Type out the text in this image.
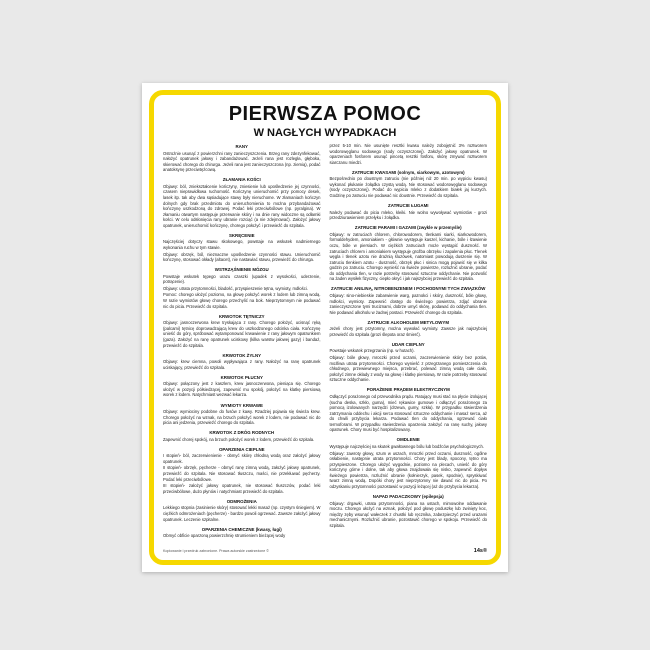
PIERWSZA POMOC
W NAGŁYCH WYPADKACH
RANY

Ostrożnie usunąć z powierzchni rany zanieczyszczenia. Brzeg rany zdezynfekować, nałożyć opatrunek jałowy i zabandażować. Jeżeli rana jest rozległa, głęboka, skierować chorego do chirurga. Jeżeli rana jest zanieczyszczona (np. ziemią), podać anatoksynę przeciwtężcową.

ZŁAMANIA KOŚCI

Objawy: ból, zniekształcenie kończyny, zniesienie lub upośledzenie jej czynności, czasem nieprawidłowa ruchomość. Kończynę unieruchomić przy pomocy desek, lasek itp. tak aby dwa sąsiadujące stawy były nieruchome. W złamaniach kończyn dolnych gdy brak przedmiotu do unieruchomienia to można przybandażować kończynę uszkodzoną do zdrowej. Podać leki przeciwbólowe (np. pyralgina). W złamaniu otwartym następuje przerwanie skóry i na dnie rany widoczne są odłamki kości. W celu odsłonięcia rany ubranie rozciąć (a nie zdejmować). Założyć jałowy opatrunek, unieruchomić kończynę, chorego położyć i przewieźć do szpitala.

SKRĘCENIE

Najczęściej dotyczy stawu skokowego, powstaje na wskutek nadmiernego wykonania ruchu w tym stawie.

Objawy: obrzęk, ból, nieznaczne upośledzenie czynności stawu. Unieruchomić kończynę, stosować okłady (altacet), nie nastawiać stawu, przewieźć do chirurga.

WSTRZĄŚNIENIE MÓZGU

Powstaje wskutek tępego urazu czaszki (upadek z wysokości, uderzenie, potrącenie).

Objawy: utrata przytomności, bladość, przyspieszenie tętna, wymioty, mdłości.

Pomoc: chorego ułożyć poziomo, na głowę położyć worek z lodem lub zimną wodą. W razie wymiotów głowę chorego przechylić na bok. Nieprzytomnym nie podawać nic do picia. Przewieźć do szpitala.

KRWOTOK TĘTNICZY

Objawy: jasnoczerwona krew tryskająca z rany. Chorego położyć, ucisnąć ręką (palcami) tętnicę doprowadzającą krew do uszkodzonego odcinka ciała. Kończynę unieść do góry, spróbować wytamponować krwawienie z rany jałowym opatrunkiem (gaza). Założyć na ranę opatrunek uciskowy (kilka warstw jałowej gazy) i bandaż, przewieźć do szpitala.

KRWOTOK ŻYLNY

Objawy: krew ciemna, powoli wypływająca z rany. Nałożyć na ranę opatrunek uciskający, przewieźć do szpitala.

KRWOTOK PŁUCNY

Objawy: połączony jest z kaszlem, krew jasnoczerwona, pieniąca się. Chorego ułożyć w pozycji półsiedzącej, zapewnić mu spokój, położyć na klatkę piersiową worek z lodem. Natychmiast wezwać lekarza.

WYMIOTY KRWAWE

Objawy: wymiociny podobne do fusów z kawy. Rzadziej pojawia się świeża krew. Chorego położyć na wznak, na brzuch położyć worek z lodem, nie podawać nic do picia ani jedzenia, przewieźć chorego do szpitala.

KRWOTOK Z DRÓG RODNYCH

Zapewnić chorej spokój, na brzuch położyć worek z lodem, przewieźć do szpitala.

OPARZENIA CIEPLNE

I stopień- ból, zaczerwienienie - obmyć skórę chłodną wodą oraz założyć jałowy opatrunek.

II stopień- obrzęk, pęcherze - obmyć ranę zimną wodą, założyć jałowy opatrunek, przewieźć do szpitala. Nie stosować tłuszczu, maści, nie przekłuwać pęcherzy. Podać leki przeciwbólowe.

III stopień- założyć jałowy opatrunek, nie stosować tłuszczów, podać leki przeciwbólowe, dużo płynów i natychmiast przewieźć do szpitala.

ODMROŻENIA

Lekkiego stopnia (zasinienie skóry) stosować lekki masaż (np. czystym śniegiem). W ciężkich odmrożeniach (pęcherze) - bardzo powoli ogrzewać. Zawsze założyć jałowy opatrunek. Leczenie szpitalne.

OPARZENIA CHEMICZNE (kwasy, ługi)

Obmyć obficie oparzoną powierzchnię strumieniem bieżącej wody

przez 5-10 min. Nie usunięte resztki kwasu należy zobojętnić 3% roztworem wodorowęglanu sodowego (sody oczyszczonej). Założyć jałowy opatrunek. W oparzeniach fosforem usunąć pincetą resztki fosforu, skórę zmywać roztworem siarczanu miedzi.

ZATRUCIE KWASAMI (solnym, siarkowym, azotowym)

Bezpośrednio po doustnym zatruciu (nie później niż 20 min. po wypiciu kwasu) wykonać płukanie żołądka czystą wodą. Nie stosować wodorowęglanu sodowego (sody oczyszczonej). Podać do wypicia mleko z dodatkiem białek jaj kurzych. Godzinę po zatruciu nie podawać nic doustnie. Przewieźć do szpitala.

ZATRUCIE ŁUGAMI

Należy podawać do picia mleko, kleiki. Nie wolno wywoływać wymiotów - grozi przedziurawieniem przełyku i żołądka.

ZATRUCIE PARAMI I GAZAMI (zwykle w przemyśle)

Objawy: w zatruciach chlorem, chlorowodorem, tlenkami siarki, siarkowodorem, formaldehydem, amoniakiem - głównie występuje kaszel, kichanie, bóle i łzawienie oczu, bóle w piersiach. W ciężkich zatruciach może wystąpić duszność. W zatruciach chlorem i amoniakiem występuje groźba obrzęku i zapalenia płuc. Tlenek węgla i tlenek azotu nie drażnią śluzówek, natomiast powodują duszenie się. W zatruciu tlenkiem azotu - duszność, obrzęk płuc i sinica mogą pojawić się w kilka godzin po zatruciu. Chorego wynieść na świeże powietrze, rozluźnić ubranie, podać do oddychania tlen, w razie potrzeby stosować sztuczne oddychanie. Nie pozwolić na żaden wysiłek fizyczny, ciepło okryć i jak najszybciej przewieźć do szpitala.

ZATRUCIE ANILINĄ, NITROBENZENEM I POCHODNYMI TYCH ZWIĄZKÓW

Objawy: sino-niebieskie zabarwienie warg, paznokci i skóry, duszność, bóle głowy, mdłości, wymioty. Zapewnić dostęp do świeżego powietrza, zdjąć ubranie zanieczyszczone tymi truciznami, dobrze umyć skórę, podawać do oddychania tlen. Nie podawać alkoholu w żadnej postaci. Przewieźć chorego do szpitala.

ZATRUCIE ALKOHOLEM METYLOWYM

Jeżeli chory jest przytomny, można wywołać wymioty. Zawsze jak najszybciej przewieźć do szpitala (grozi ślepota oraz śmierć).

UDAR CIEPLNY

Powstaje wskutek przegrzania (np. w hutach).

Objawy: bóle głowy, mroczki przed oczami, zaczerwienienie skóry bez potów, możliwa utrata przytomności. Chorego wynieść z przegrzanego pomieszczenia do chłodnego, przewiewnego miejsca, przebrać, polewać zimną wodą całe ciało, położyć zimne okłady z wody na głowę i klatkę piersiową. W razie potrzeby stosować sztuczne oddychanie.

PORAŻENIE PRĄDEM ELEKTRYCZNYM

Odłączyć porażonego od przewodnika prądu. Ratujący musi stać na płycie izolującej (sucha deska, szkło, guma), mieć rękawice gumowe i odłączyć porażonego za pomocą izolowanych narzędzi (drzewa, gumy, szkła). W przypadku stwierdzenia zatrzymania oddechu i akcji serca stosować sztuczne oddychanie i masaż serca, aż do chwili przybycia lekarza. Podawać tlen do oddychania, ogrzewać ciało termoforami. W przypadku stwierdzenia oparzenia założyć na ranę suchy, jałowy opatrunek. Chory musi być hospitalizowany.

OMDLENIE

Występuje najczęściej na skutek gwałtownego bólu lub bodźców psychologicznych.

Objawy: zawroty głowy, szum w uszach, mroczki przed oczami, duszność, ogólne osłabienie, następnie utrata przytomności. Chory jest blady, spocony, tętno ma przyspieszone. Chorego ułożyć wygodnie, poziomo na plecach, unieść do góry kończyny górne i dolne, tak aby głowa znajdowała się nisko, zapewnić dopływ świeżego powietrza, rozluźnić ubranie (kołnierzyk, pasek, spodnie), spryskiwać twarz zimną wodą. Dopóki chory jest nieprzytomny nie dawać nic do picia. Po odzyskaniu przytomności pozostawić w pozycji leżącej (aż do przybycia lekarza).

NAPAD PADACZKOWY (epilepsja)

Objawy: drgawki, utrata przytomności, piana na ustach, mimowolne oddawanie moczu. Chorego ułożyć na wznak, położyć pod głowę poduszkę lub zwinięty koc, między zęby wsunąć wałeczek z chustki lub ręcznika, zabezpieczyć przed urazami mechanicznymi. Rozluźnić ubranie, pozostawić chorego w spokoju. Przewieźć do szpitala.

Kopiowanie i przedruk zabronione. Prawa autorskie zastrzeżone ©	14s®
